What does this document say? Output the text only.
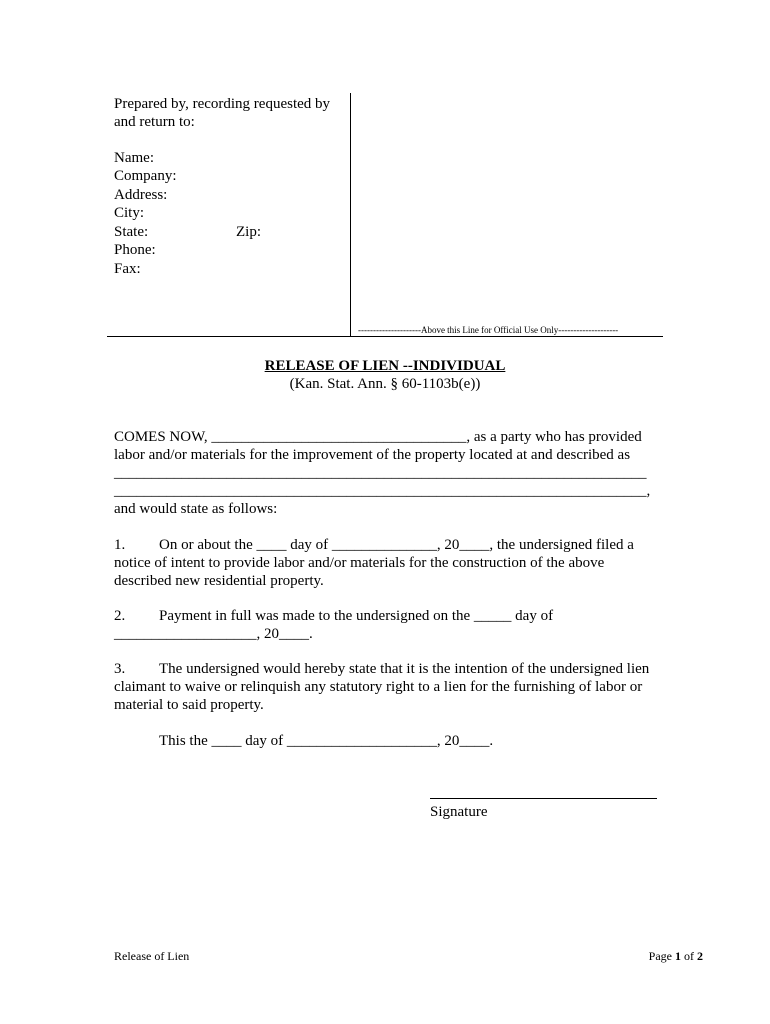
Prepared by, recording requested by
and return to:
Name:
Company:
Address:
City:
State:	Zip:
Phone:
Fax:
---------------------Above this Line for Official Use Only--------------------
RELEASE OF LIEN --INDIVIDUAL
(Kan. Stat. Ann. § 60-1103b(e))
COMES NOW, __________________________________, as a party who has provided
labor and/or materials for the improvement of the property located at and described as
_______________________________________________________________________
_______________________________________________________________________,
and would state as follows:
1. On or about the ____ day of ______________, 20____, the undersigned filed a
notice of intent to provide labor and/or materials for the construction of the above
described new residential property.
2. Payment in full was made to the undersigned on the _____ day of
___________________, 20____.
3. The undersigned would hereby state that it is the intention of the undersigned lien
claimant to waive or relinquish any statutory right to a lien for the furnishing of labor or
material to said property.
This the ____ day of ____________________, 20____.
Signature
Release of Lien	Page 1 of 2
